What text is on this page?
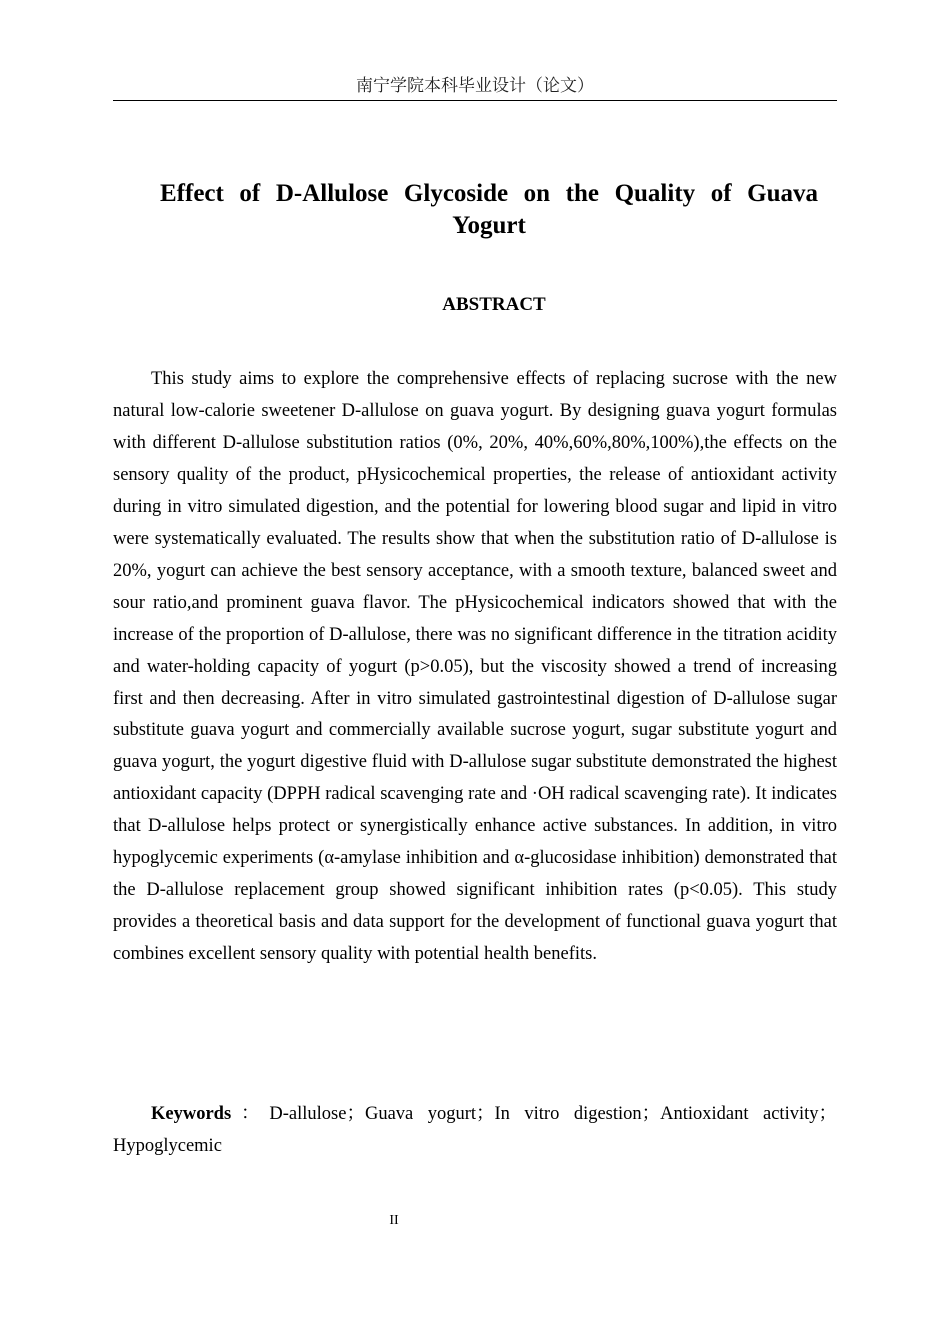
南宁学院本科毕业设计（论文）
Effect of D-Allulose Glycoside on the Quality of Guava Yogurt
ABSTRACT

This study aims to explore the comprehensive effects of replacing sucrose with the new natural low-calorie sweetener D-allulose on guava yogurt. By designing guava yogurt formulas with different D-allulose substitution ratios (0%, 20%, 40%,60%,80%,100%),the effects on the sensory quality of the product, pHysicochemical properties, the release of antioxidant activity during in vitro simulated digestion, and the potential for lowering blood sugar and lipid in vitro were systematically evaluated. The results show that when the substitution ratio of D-allulose is 20%, yogurt can achieve the best sensory acceptance, with a smooth texture, balanced sweet and sour ratio,and prominent guava flavor. The pHysicochemical indicators showed that with the increase of the proportion of D-allulose, there was no significant difference in the titration acidity and water-holding capacity of yogurt (p>0.05), but the viscosity showed a trend of increasing first and then decreasing. After in vitro simulated gastrointestinal digestion of D-allulose sugar substitute guava yogurt and commercially available sucrose yogurt, sugar substitute yogurt and guava yogurt, the yogurt digestive fluid with D-allulose sugar substitute demonstrated the highest antioxidant capacity (DPPH radical scavenging rate and ·OH radical scavenging rate). It indicates that D-allulose helps protect or synergistically enhance active substances. In addition, in vitro hypoglycemic experiments (α-amylase inhibition and α-glucosidase inhibition) demonstrated that the D-allulose replacement group showed significant inhibition rates (p<0.05). This study provides a theoretical basis and data support for the development of functional guava yogurt that combines excellent sensory quality with potential health benefits.

Keywords：D-allulose；Guava yogurt；In vitro digestion；Antioxidant activity；Hypoglycemic

II
